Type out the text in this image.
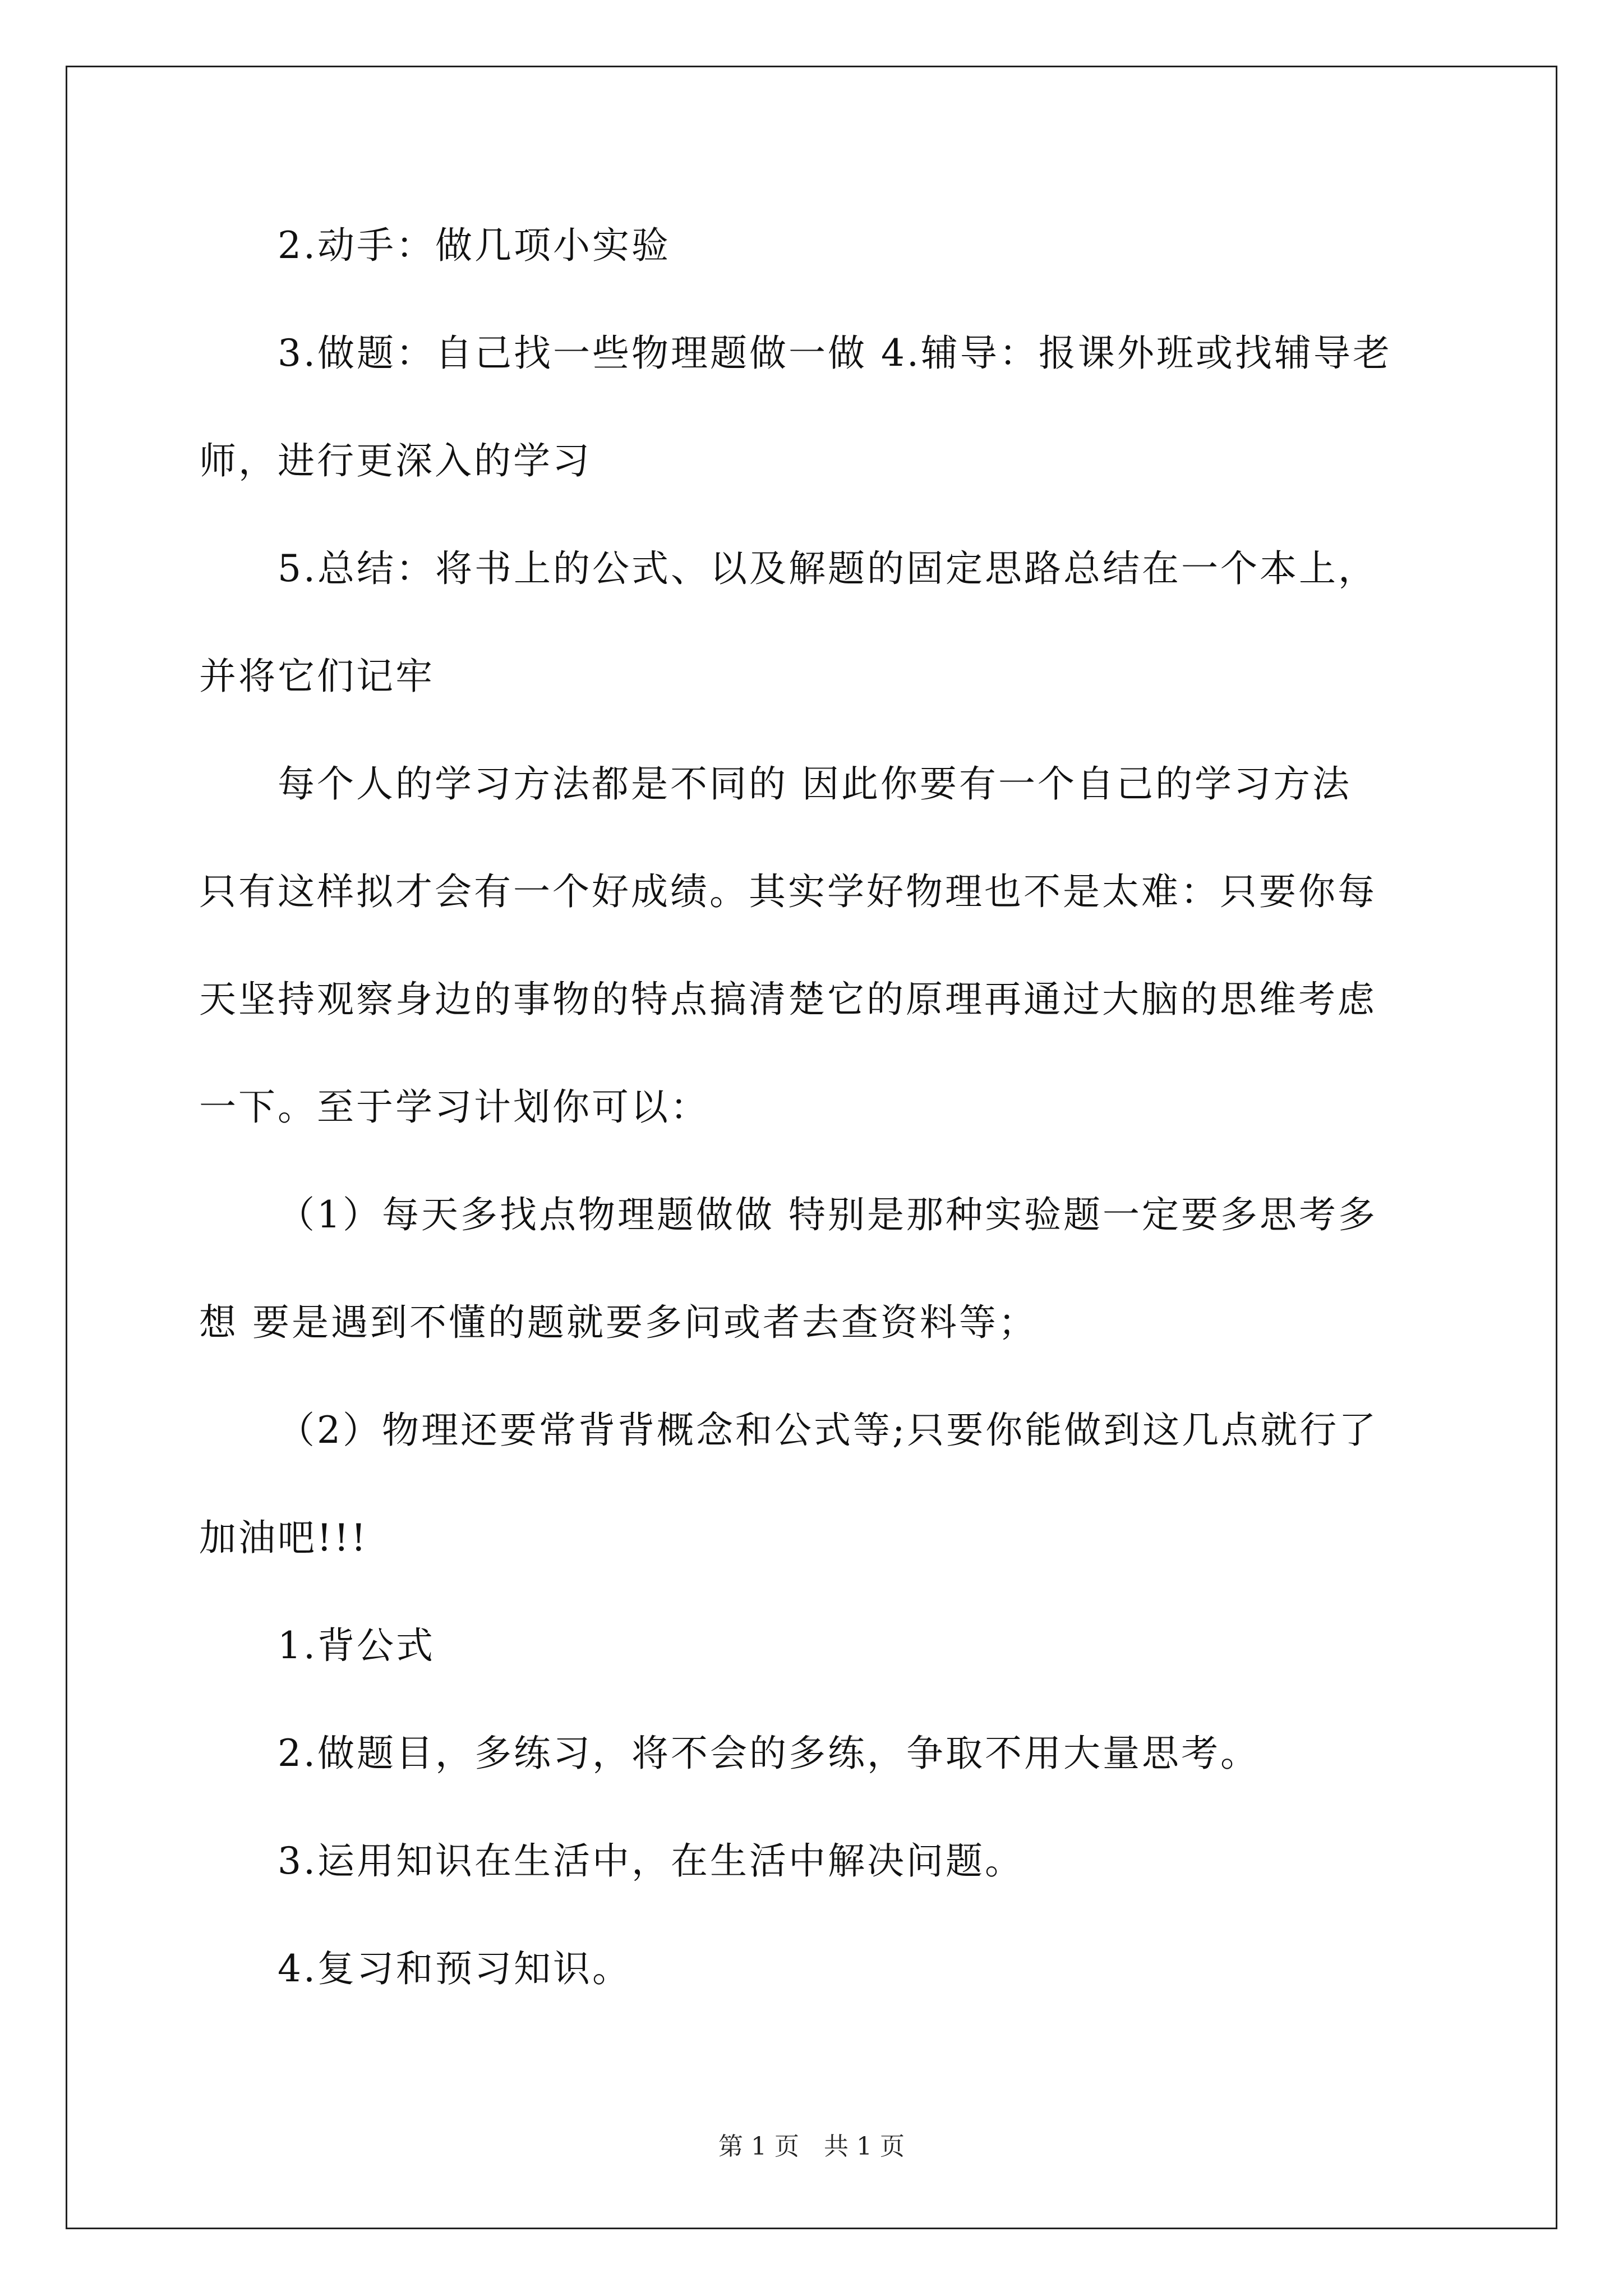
2.动手：做几项小实验
3.做题：自己找一些物理题做一做 4.辅导：报课外班或找辅导老
师，进行更深入的学习
5.总结：将书上的公式、以及解题的固定思路总结在一个本上，
并将它们记牢
每个人的学习方法都是不同的 因此你要有一个自己的学习方法
只有这样拟才会有一个好成绩。其实学好物理也不是太难：只要你每
天坚持观察身边的事物的特点搞清楚它的原理再通过大脑的思维考虑
一下。至于学习计划你可以：
（1）每天多找点物理题做做 特别是那种实验题一定要多思考多
想 要是遇到不懂的题就要多问或者去查资料等；
（2）物理还要常背背概念和公式等;只要你能做到这几点就行了
加油吧!!!
1.背公式
2.做题目，多练习，将不会的多练，争取不用大量思考。
3.运用知识在生活中，在生活中解决问题。
4.复习和预习知识。
第 1 页　共 1 页
